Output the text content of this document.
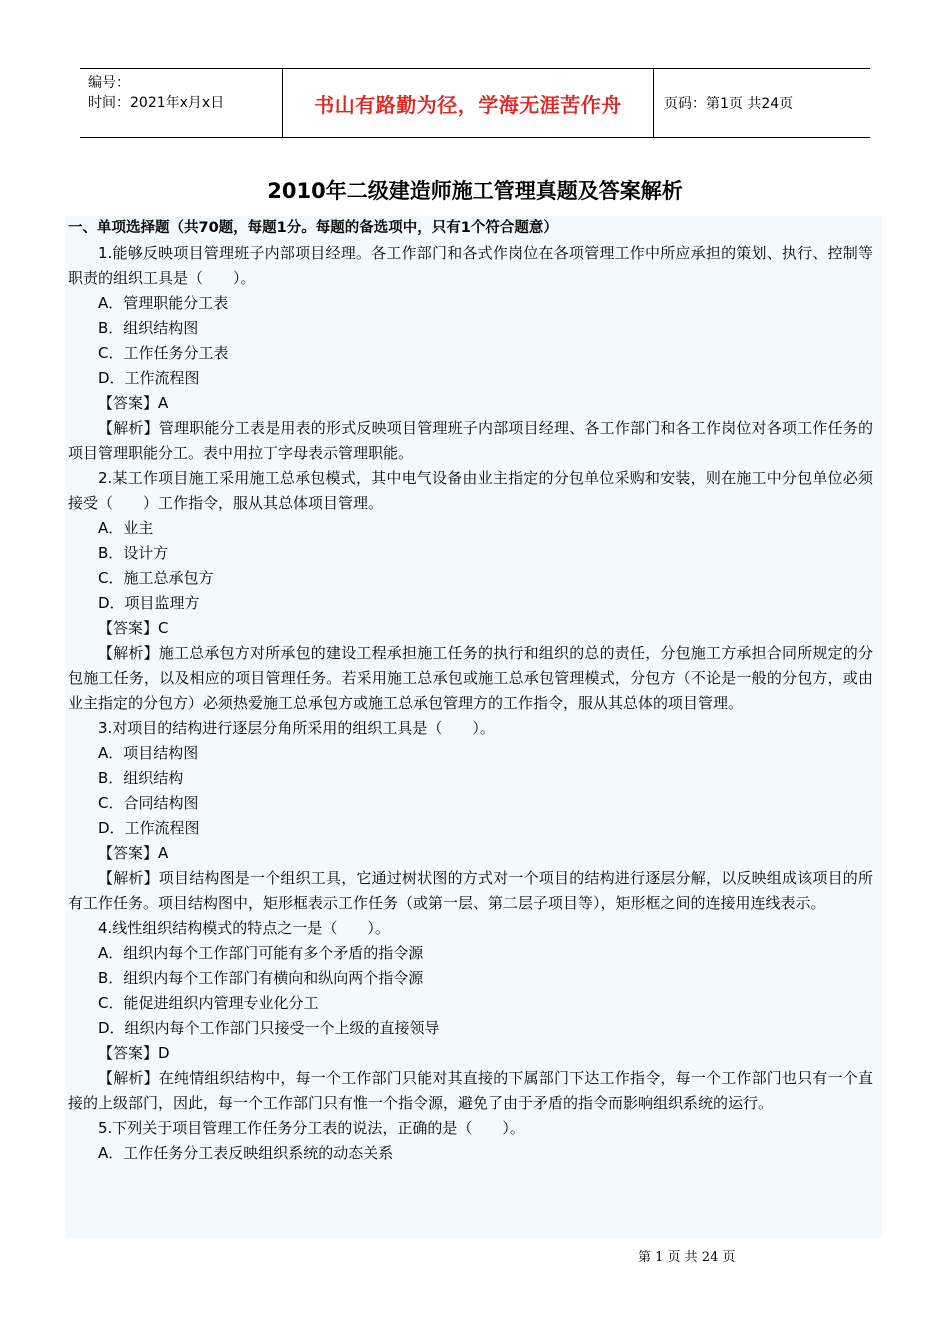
编号：
时间：2021年x月x日	书山有路勤为径，学海无涯苦作舟	页码：第1页 共24页
2010年二级建造师施工管理真题及答案解析

一、单项选择题（共70题，每题1分。每题的备选项中，只有1个符合题意）

1.能够反映项目管理班子内部项目经理。各工作部门和各式作岗位在各项管理工作中所应承担的策划、执行、控制等职责的组织工具是（　　）。

A．管理职能分工表

B．组织结构图

C．工作任务分工表

D．工作流程图

【答案】A

【解析】管理职能分工表是用表的形式反映项目管理班子内部项目经理、各工作部门和各工作岗位对各项工作任务的项目管理职能分工。表中用拉丁字母表示管理职能。

2.某工作项目施工采用施工总承包模式，其中电气设备由业主指定的分包单位采购和安装，则在施工中分包单位必须接受（　　）工作指令，服从其总体项目管理。

A．业主

B．设计方

C．施工总承包方

D．项目监理方

【答案】C

【解析】施工总承包方对所承包的建设工程承担施工任务的执行和组织的总的责任，分包施工方承担合同所规定的分包施工任务，以及相应的项目管理任务。若采用施工总承包或施工总承包管理模式，分包方（不论是一般的分包方，或由业主指定的分包方）必须热爱施工总承包方或施工总承包管理方的工作指令，服从其总体的项目管理。

3.对项目的结构进行逐层分角所采用的组织工具是（　　）。

A．项目结构图

B．组织结构

C．合同结构图

D．工作流程图

【答案】A

【解析】项目结构图是一个组织工具，它通过树状图的方式对一个项目的结构进行逐层分解，以反映组成该项目的所有工作任务。项目结构图中，矩形框表示工作任务（或第一层、第二层子项目等），矩形框之间的连接用连线表示。

4.线性组织结构模式的特点之一是（　　）。

A．组织内每个工作部门可能有多个矛盾的指令源

B．组织内每个工作部门有横向和纵向两个指令源

C．能促进组织内管理专业化分工

D．组织内每个工作部门只接受一个上级的直接领导

【答案】D

【解析】在纯情组织结构中，每一个工作部门只能对其直接的下属部门下达工作指令，每一个工作部门也只有一个直接的上级部门，因此，每一个工作部门只有惟一个指令源，避免了由于矛盾的指令而影响组织系统的运行。

5.下列关于项目管理工作任务分工表的说法，正确的是（　　）。

A．工作任务分工表反映组织系统的动态关系

第 1 页 共 24 页
